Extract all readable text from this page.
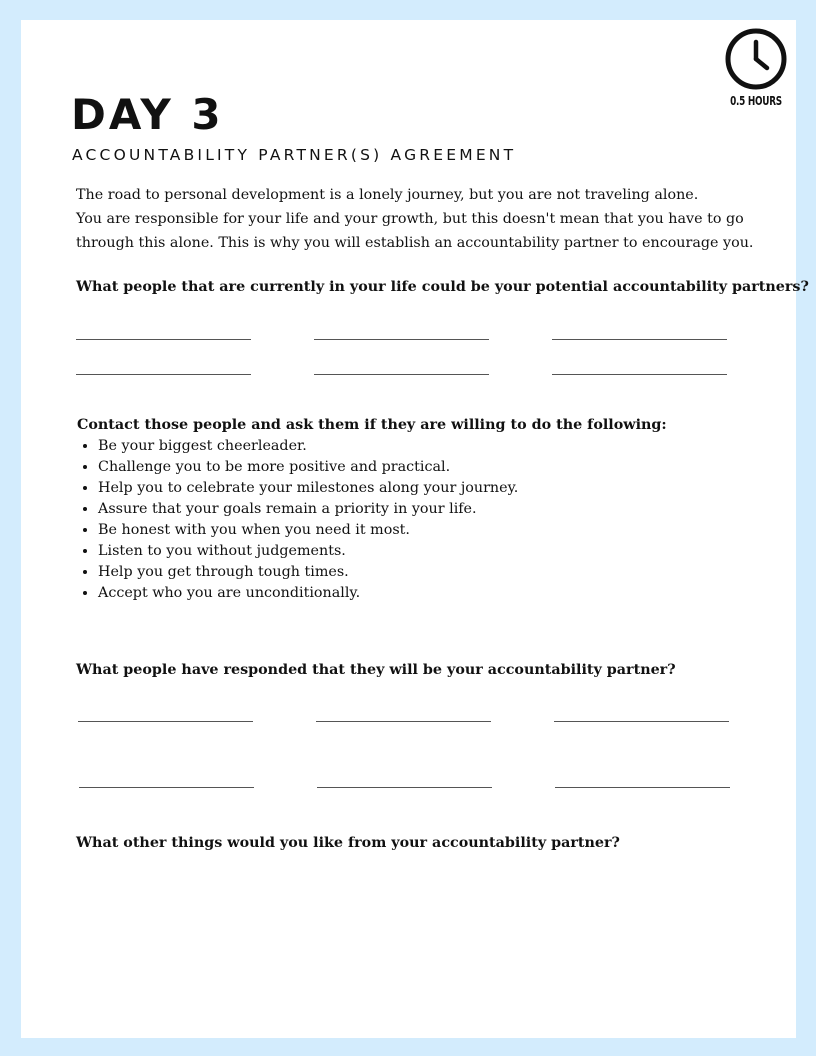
DAY 3
ACCOUNTABILITY PARTNER(S) AGREEMENT
0.5 HOURS

The road to personal development is a lonely journey, but you are not traveling alone.

You are responsible for your life and your growth, but this doesn't mean that you have to go through this alone. This is why you will establish an accountability partner to encourage you.

What people that are currently in your life could be your potential accountability partners?

Contact those people and ask them if they are willing to do the following:

• Be your biggest cheerleader.
• Challenge you to be more positive and practical.
• Help you to celebrate your milestones along your journey.
• Assure that your goals remain a priority in your life.
• Be honest with you when you need it most.
• Listen to you without judgements.
• Help you get through tough times.
• Accept who you are unconditionally.
What people have responded that they will be your accountability partner?
What other things would you like from your accountability partner?
